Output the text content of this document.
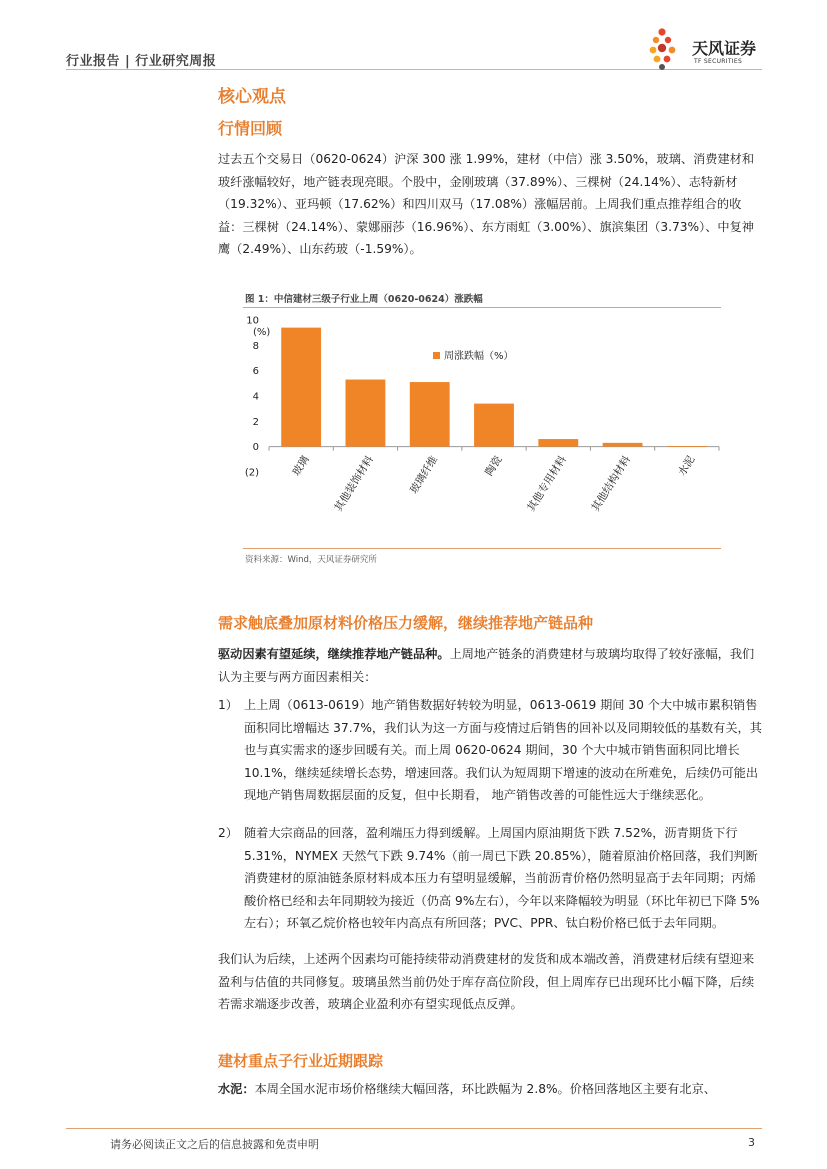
行业报告 | 行业研究周报
天风证券
TF SECURITIES
核心观点
行情回顾
过去五个交易日（0620-0624）沪深 300 涨 1.99%，建材（中信）涨 3.50%，玻璃、消费建材和玻纤涨幅较好，地产链表现亮眼。个股中，金刚玻璃（37.89%）、三棵树（24.14%）、志特新材（19.32%）、亚玛顿（17.62%）和四川双马（17.08%）涨幅居前。上周我们重点推荐组合的收益：三棵树（24.14%）、蒙娜丽莎（16.96%）、东方雨虹（3.00%）、旗滨集团（3.73%）、中复神鹰（2.49%）、山东药玻（-1.59%）。
图 1：中信建材三级子行业上周（0620-0624）涨跌幅
10
8
6
4
2
0
(2)
(%)
玻璃 其他装饰材料	玻璃纤维	陶瓷 其他专用材料 其他结构材料	水泥
周涨跌幅（%）
资料来源：Wind，天风证券研究所
需求触底叠加原材料价格压力缓解，继续推荐地产链品种
驱动因素有望延续，继续推荐地产链品种。上周地产链条的消费建材与玻璃均取得了较好涨幅，我们认为主要与两方面因素相关：
1） 上上周（0613-0619）地产销售数据好转较为明显，0613-0619 期间 30 个大中城市累积销售面积同比增幅达 37.7%，我们认为这一方面与疫情过后销售的回补以及同期较低的基数有关，其也与真实需求的逐步回暖有关。而上周 0620-0624 期间，30 个大中城市销售面积同比增长 10.1%，继续延续增长态势，增速回落。我们认为短周期下增速的波动在所难免，后续仍可能出现地产销售周数据层面的反复，但中长期看， 地产销售改善的可能性远大于继续恶化。
2） 随着大宗商品的回落，盈利端压力得到缓解。上周国内原油期货下跌 7.52%，沥青期货下行 5.31%，NYMEX 天然气下跌 9.74%（前一周已下跌 20.85%），随着原油价格回落，我们判断消费建材的原油链条原材料成本压力有望明显缓解，当前沥青价格仍然明显高于去年同期；丙烯酸价格已经和去年同期较为接近（仍高 9%左右），今年以来降幅较为明显（环比年初已下降 5%左右）；环氧乙烷价格也较年内高点有所回落；PVC、PPR、钛白粉价格已低于去年同期。
我们认为后续，上述两个因素均可能持续带动消费建材的发货和成本端改善，消费建材后续有望迎来盈利与估值的共同修复。玻璃虽然当前仍处于库存高位阶段，但上周库存已出现环比小幅下降，后续若需求端逐步改善，玻璃企业盈利亦有望实现低点反弹。
建材重点子行业近期跟踪
水泥：本周全国水泥市场价格继续大幅回落，环比跌幅为 2.8%。价格回落地区主要有北京、
请务必阅读正文之后的信息披露和免责申明	3
